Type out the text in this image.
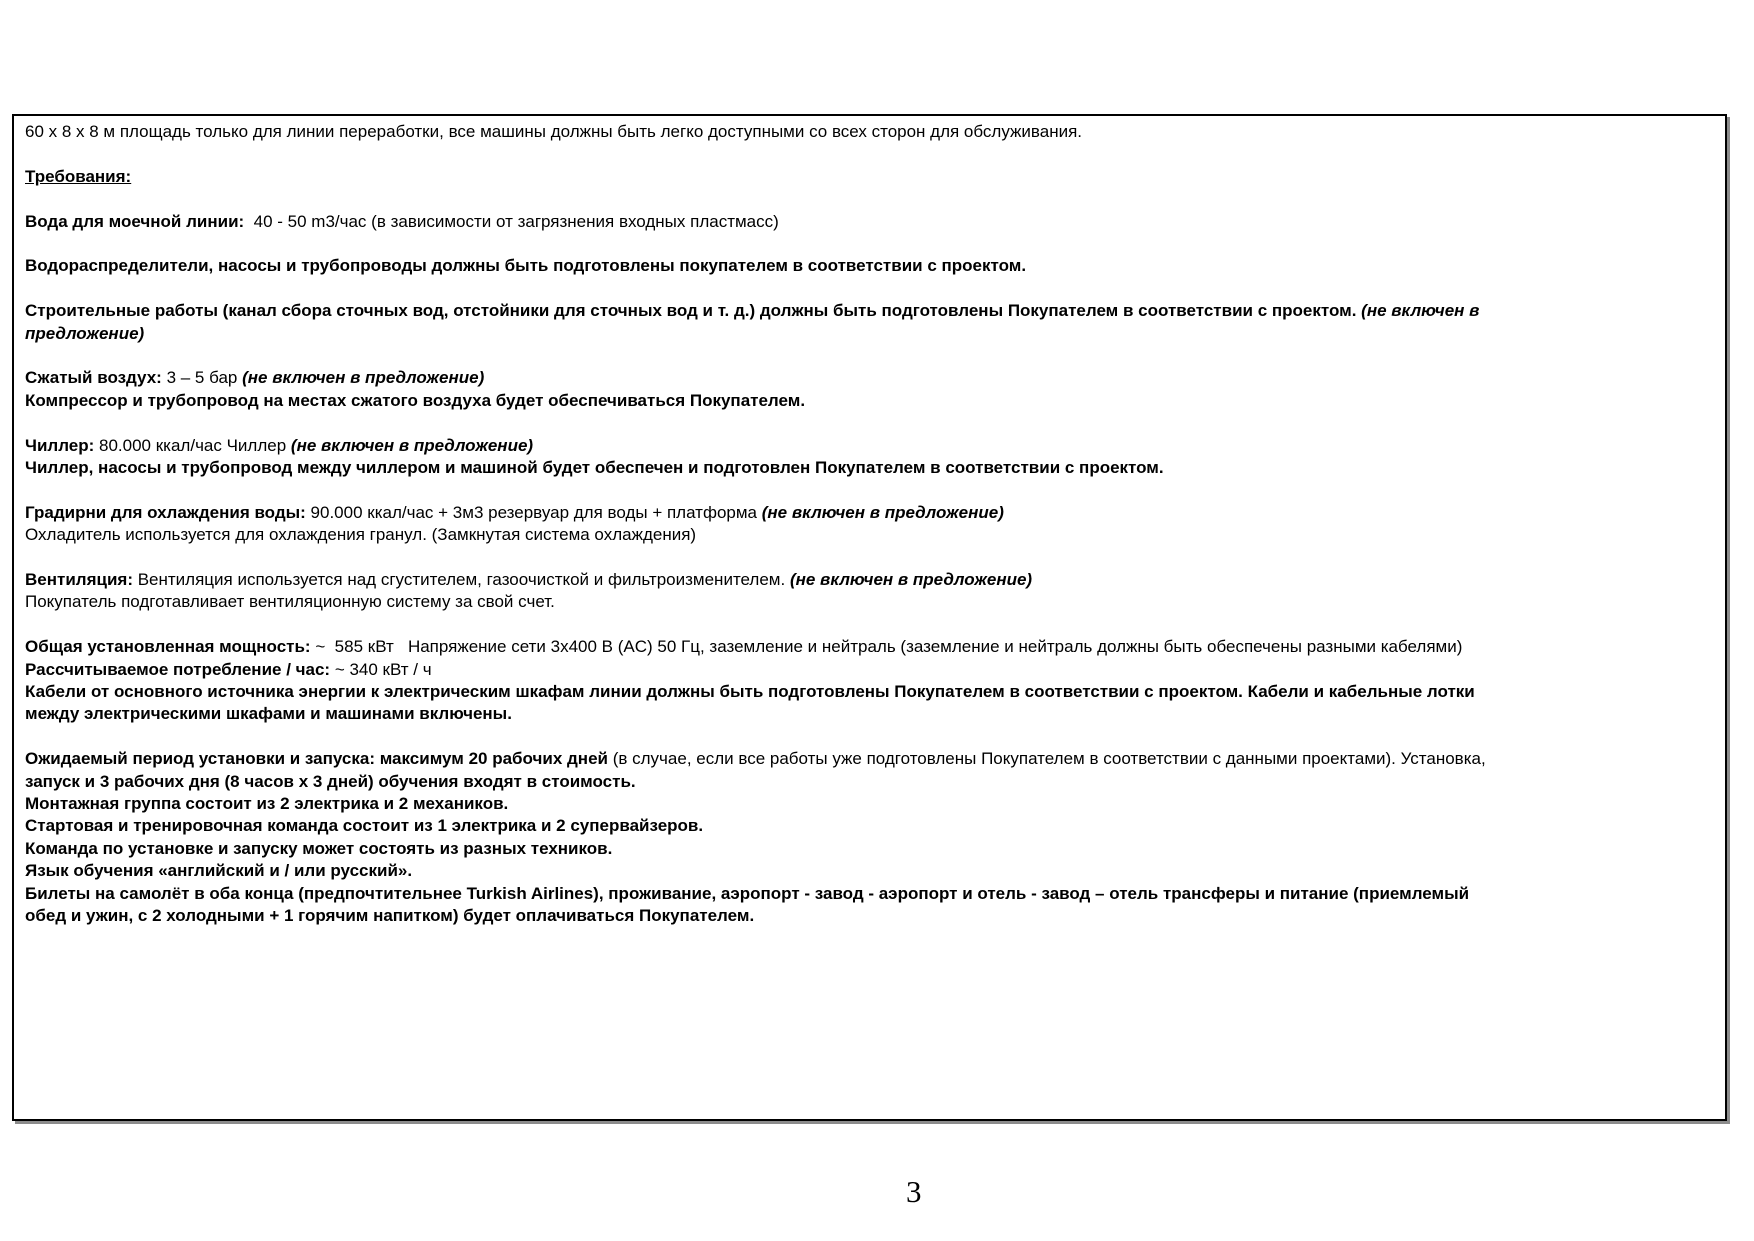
60 x 8 x 8 м площадь только для линии переработки, все машины должны быть легко доступными со всех сторон для обслуживания.

Требования:

Вода для моечной линии:  40 - 50 m3/час (в зависимости от загрязнения входных пластмасс)

Водораспределители, насосы и трубопроводы должны быть подготовлены покупателем в соответствии с проектом.

Строительные работы (канал сбора сточных вод, отстойники для сточных вод и т. д.) должны быть подготовлены Покупателем в соответствии с проектом. (не включен в
предложение)

Сжатый воздух: 3 – 5 бар (не включен в предложение)
Компрессор и трубопровод на местах сжатого воздуха будет обеспечиваться Покупателем.

Чиллер: 80.000 ккал/час Чиллер (не включен в предложение)
Чиллер, насосы и трубопровод между чиллером и машиной будет обеспечен и подготовлен Покупателем в соответствии с проектом.

Градирни для охлаждения воды: 90.000 ккал/час + 3м3 резервуар для воды + платформа (не включен в предложение)
Охладитель используется для охлаждения гранул. (Замкнутая система охлаждения)

Вентиляция: Вентиляция используется над сгустителем, газоочисткой и фильтроизменителем. (не включен в предложение)
Покупатель подготавливает вентиляционную систему за свой счет.

Общая установленная мощность: ~  585 кВт   Напряжение сети 3x400 В (AC) 50 Гц, заземление и нейтраль (заземление и нейтраль должны быть обеспечены разными кабелями)
Рассчитываемое потребление / час: ~ 340 кВт / ч
Кабели от основного источника энергии к электрическим шкафам линии должны быть подготовлены Покупателем в соответствии с проектом. Кабели и кабельные лотки
между электрическими шкафами и машинами включены.

Ожидаемый период установки и запуска: максимум 20 рабочих дней (в случае, если все работы уже подготовлены Покупателем в соответствии с данными проектами). Установка,
запуск и 3 рабочих дня (8 часов x 3 дней) обучения входят в стоимость.
Монтажная группа состоит из 2 электрика и 2 механиков.
Стартовая и тренировочная команда состоит из 1 электрика и 2 супервайзеров.
Команда по установке и запуску может состоять из разных техников.
Язык обучения «английский и / или русский».
Билеты на самолёт в оба конца (предпочтительнее Turkish Airlines), проживание, аэропорт - завод - аэропорт и отель - завод – отель трансферы и питание (приемлемый
обед и ужин, с 2 холодными + 1 горячим напитком) будет оплачиваться Покупателем.

3
